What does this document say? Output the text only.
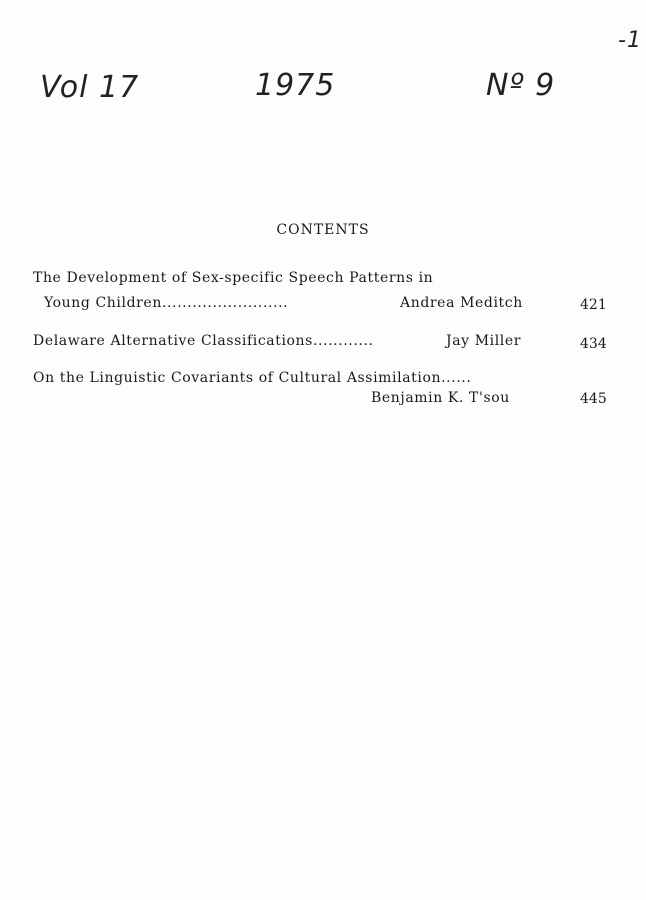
Vol 17	1975	Nº 9
-1
CONTENTS
The Development of Sex-specific Speech Patterns in
Young Children.........................	Andrea Meditch	421
Delaware Alternative Classifications............	Jay Miller	434
On the Linguistic Covariants of Cultural Assimilation......
Benjamin K. T'sou	445
